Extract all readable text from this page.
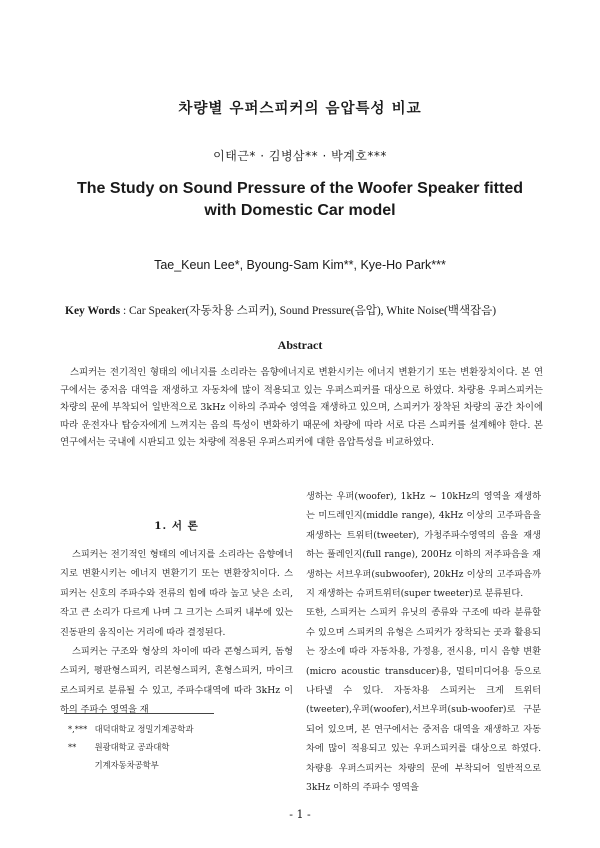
차량별 우퍼스피커의 음압특성 비교
이태근* · 김병삼** · 박계호***
The Study on Sound Pressure of the Woofer Speaker fitted with Domestic Car model
Tae_Keun Lee*, Byoung-Sam Kim**, Kye-Ho Park***
Key Words : Car Speaker(자동차용 스피커), Sound Pressure(음압), White Noise(백색잡음)
Abstract

스피커는 전기적인 형태의 에너지를 소리라는 음향에너지로 변환시키는 에너지 변환기기 또는 변환장치이다. 본 연구에서는 중저음 대역을 재생하고 자동차에 많이 적용되고 있는 우퍼스피커를 대상으로 하였다. 차량용 우퍼스피커는 차량의 문에 부착되어 일반적으로 3kHz 이하의 주파수 영역을 재생하고 있으며, 스피커가 장착된 차량의 공간 차이에 따라 운전자나 탑승자에게 느껴지는 음의 특성이 변화하기 때문에 차량에 따라 서로 다른 스피커를 설계해야 한다. 본 연구에서는 국내에 시판되고 있는 차량에 적용된 우퍼스피커에 대한 음압특성을 비교하였다.

1. 서 론

스피커는 전기적인 형태의 에너지를 소리라는 음향에너지로 변환시키는 에너지 변환기기 또는 변환장치이다. 스피커는 신호의 주파수와 전류의 힘에 따라 높고 낮은 소리, 작고 큰 소리가 다르게 나며 그 크기는 스피커 내부에 있는 진동판의 움직이는 거리에 따라 결정된다.

스피커는 구조와 형상의 차이에 따라 콘형스피커, 돔형스피커, 평판형스피커, 리본형스피커, 혼형스피커, 마이크로스피커로 분류될 수 있고, 주파수대역에 따라 3kHz 이하의 주파수 영역을 재

생하는 우퍼(woofer), 1kHz ~ 10kHz의 영역을 재생하는 미드레인지(middle range), 4kHz 이상의 고주파음을 재생하는 트위터(tweeter), 가청주파수영역의 음을 재생하는 풀레인지(full range), 200Hz 이하의 저주파음을 재생하는 서브우퍼(subwoofer), 20kHz 이상의 고주파음까지 재생하는 슈퍼트위터(super tweeter)로 분류된다.

또한, 스피커는 스피커 유닛의 종류와 구조에 따라 분류할 수 있으며 스피커의 유형은 스피커가 장착되는 곳과 활용되는 장소에 따라 자동차용, 가정용, 전시용, 미시 음향 변환(micro acoustic transducer)용, 멀티미디어용 등으로 나타낼 수 있다. 자동차용 스피커는 크게 트위터(tweeter),우퍼(woofer),서브우퍼(sub-woofer)로 구분되어 있으며, 본 연구에서는 중저음 대역을 재생하고 자동차에 많이 적용되고 있는 우퍼스피커를 대상으로 하였다. 차량용 우퍼스피커는 차량의 문에 부착되어 일반적으로 3kHz 이하의 주파수 영역을

*,*** 대덕대학교 정밀기계공학과
** 원광대학교 공과대학
기계자동차공학부
- 1 -
